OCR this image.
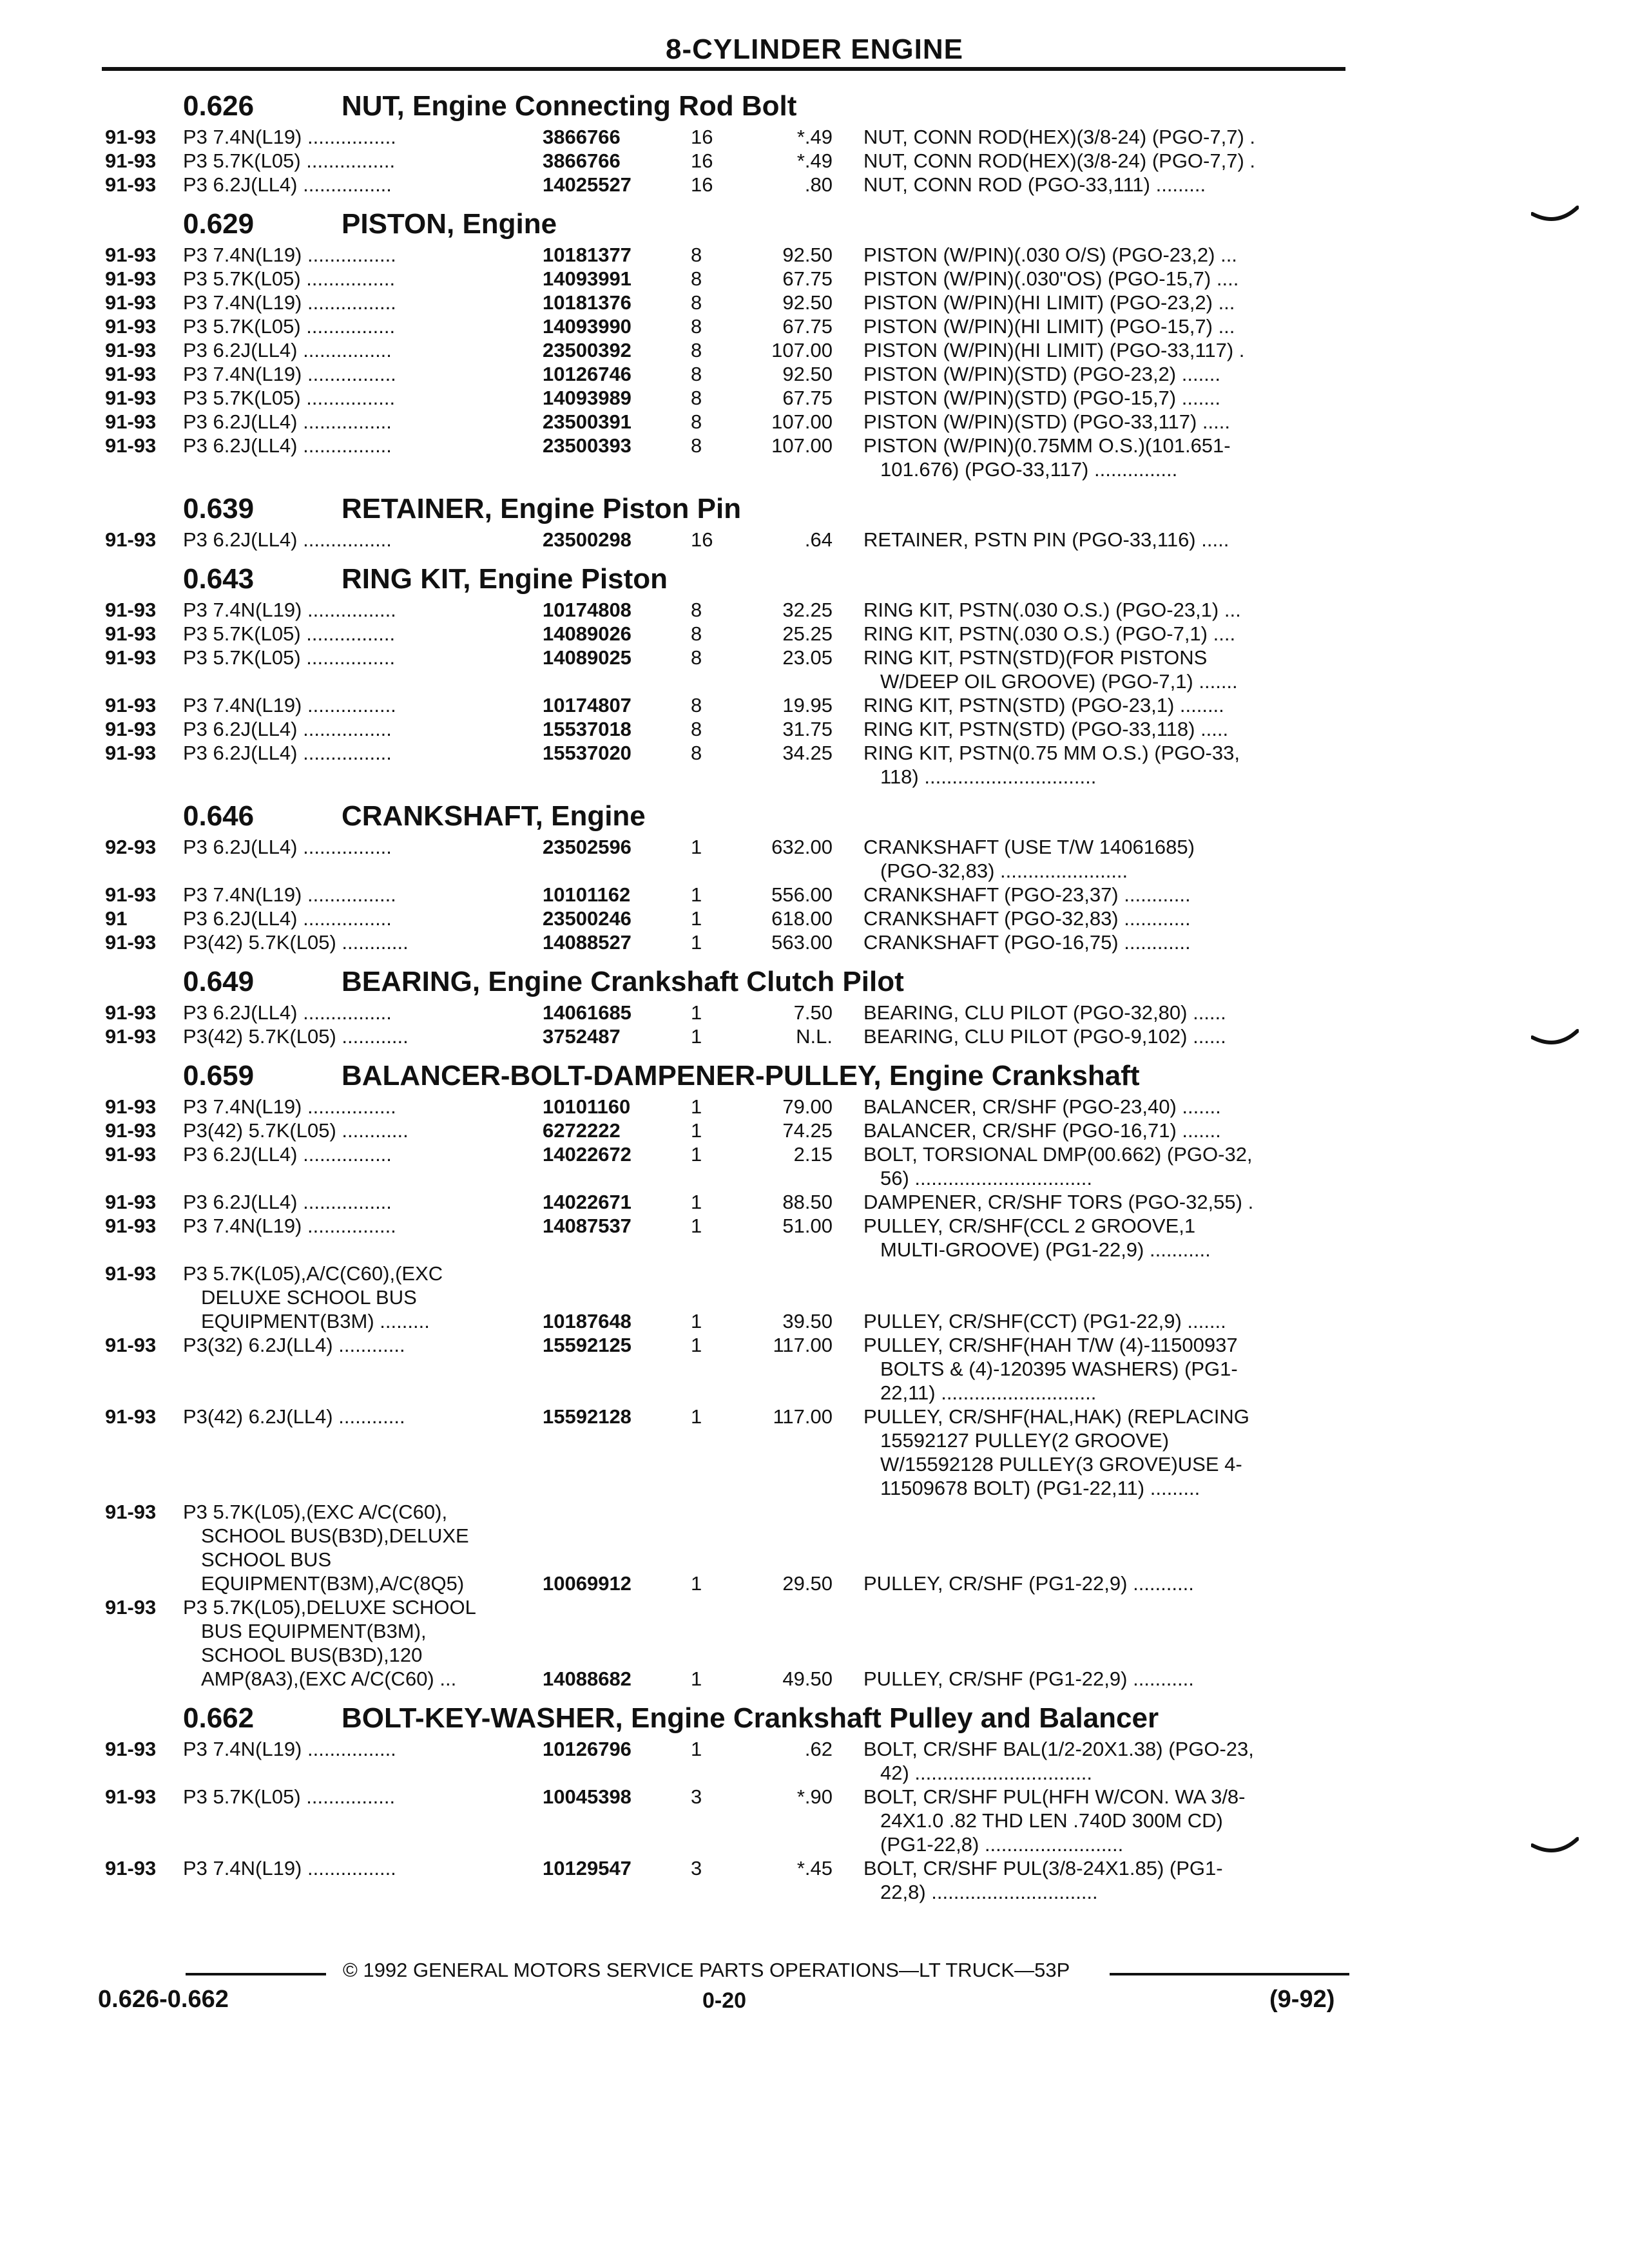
8-CYLINDER ENGINE
0.626	NUT, Engine Connecting Rod Bolt
91-93 P3 7.4N(L19) ................	3866766	16	*.49 NUT, CONN ROD(HEX)(3/8-24) (PGO-7,7) .
91-93 P3 5.7K(L05) ................	3866766	16	*.49 NUT, CONN ROD(HEX)(3/8-24) (PGO-7,7) .
91-93 P3 6.2J(LL4) ................	14025527	16	.80 NUT, CONN ROD (PGO-33,111) .........
0.629	PISTON, Engine
91-93 P3 7.4N(L19) ................	10181377	8	92.50 PISTON (W/PIN)(.030 O/S) (PGO-23,2) ...
91-93 P3 5.7K(L05) ................	14093991	8	67.75 PISTON (W/PIN)(.030"OS) (PGO-15,7) ....
91-93 P3 7.4N(L19) ................	10181376	8	92.50 PISTON (W/PIN)(HI LIMIT) (PGO-23,2) ...
91-93 P3 5.7K(L05) ................	14093990	8	67.75 PISTON (W/PIN)(HI LIMIT) (PGO-15,7) ...
91-93 P3 6.2J(LL4) ................	23500392	8	107.00 PISTON (W/PIN)(HI LIMIT) (PGO-33,117) .
91-93 P3 7.4N(L19) ................	10126746	8	92.50 PISTON (W/PIN)(STD) (PGO-23,2) .......
91-93 P3 5.7K(L05) ................	14093989	8	67.75 PISTON (W/PIN)(STD) (PGO-15,7) .......
91-93 P3 6.2J(LL4) ................	23500391	8	107.00 PISTON (W/PIN)(STD) (PGO-33,117) .....
91-93 P3 6.2J(LL4) ................	23500393	8	107.00 PISTON (W/PIN)(0.75MM O.S.)(101.651-
101.676) (PGO-33,117) ...............
0.639	RETAINER, Engine Piston Pin
91-93 P3 6.2J(LL4) ................	23500298	16	.64 RETAINER, PSTN PIN (PGO-33,116) .....
0.643	RING KIT, Engine Piston
91-93 P3 7.4N(L19) ................	10174808	8	32.25 RING KIT, PSTN(.030 O.S.) (PGO-23,1) ...
91-93 P3 5.7K(L05) ................	14089026	8	25.25 RING KIT, PSTN(.030 O.S.) (PGO-7,1) ....
91-93 P3 5.7K(L05) ................	14089025	8	23.05 RING KIT, PSTN(STD)(FOR PISTONS
W/DEEP OIL GROOVE) (PGO-7,1) .......
91-93 P3 7.4N(L19) ................	10174807	8	19.95 RING KIT, PSTN(STD) (PGO-23,1) ........
91-93 P3 6.2J(LL4) ................	15537018	8	31.75 RING KIT, PSTN(STD) (PGO-33,118) .....
91-93 P3 6.2J(LL4) ................	15537020	8	34.25 RING KIT, PSTN(0.75 MM O.S.) (PGO-33,
118) ...............................
0.646	CRANKSHAFT, Engine
92-93 P3 6.2J(LL4) ................	23502596	1	632.00 CRANKSHAFT (USE T/W 14061685)
(PGO-32,83) .......................
91-93 P3 7.4N(L19) ................	10101162	1	556.00 CRANKSHAFT (PGO-23,37) ............
91	P3 6.2J(LL4) ................	23500246	1	618.00 CRANKSHAFT (PGO-32,83) ............
91-93 P3(42) 5.7K(L05) ............	14088527	1	563.00 CRANKSHAFT (PGO-16,75) ............
0.649	BEARING, Engine Crankshaft Clutch Pilot
91-93 P3 6.2J(LL4) ................	14061685	1	7.50 BEARING, CLU PILOT (PGO-32,80) ......
91-93 P3(42) 5.7K(L05) ............	3752487	1	N.L. BEARING, CLU PILOT (PGO-9,102) ......
0.659	BALANCER-BOLT-DAMPENER-PULLEY, Engine Crankshaft
91-93 P3 7.4N(L19) ................	10101160	1	79.00 BALANCER, CR/SHF (PGO-23,40) .......
91-93 P3(42) 5.7K(L05) ............	6272222	1	74.25 BALANCER, CR/SHF (PGO-16,71) .......
91-93 P3 6.2J(LL4) ................	14022672	1	2.15 BOLT, TORSIONAL DMP(00.662) (PGO-32,
56) ................................
91-93 P3 6.2J(LL4) ................	14022671	1	88.50 DAMPENER, CR/SHF TORS (PGO-32,55) .
91-93 P3 7.4N(L19) ................	14087537	1	51.00 PULLEY, CR/SHF(CCL 2 GROOVE,1
MULTI-GROOVE) (PG1-22,9) ...........
91-93 P3 5.7K(L05),A/C(C60),(EXC
DELUXE SCHOOL BUS
EQUIPMENT(B3M) .........	10187648	1	39.50 PULLEY, CR/SHF(CCT) (PG1-22,9) .......
91-93 P3(32) 6.2J(LL4) ............	15592125	1	117.00 PULLEY, CR/SHF(HAH T/W (4)-11500937
BOLTS & (4)-120395 WASHERS) (PG1-
22,11) ............................
91-93 P3(42) 6.2J(LL4) ............	15592128	1	117.00 PULLEY, CR/SHF(HAL,HAK) (REPLACING
15592127 PULLEY(2 GROOVE)
W/15592128 PULLEY(3 GROVE)USE 4-
11509678 BOLT) (PG1-22,11) .........
91-93 P3 5.7K(L05),(EXC A/C(C60),
SCHOOL BUS(B3D),DELUXE
SCHOOL BUS
EQUIPMENT(B3M),A/C(8Q5)	10069912	1	29.50 PULLEY, CR/SHF (PG1-22,9) ...........
91-93 P3 5.7K(L05),DELUXE SCHOOL
BUS EQUIPMENT(B3M),
SCHOOL BUS(B3D),120
AMP(8A3),(EXC A/C(C60) ...	14088682	1	49.50 PULLEY, CR/SHF (PG1-22,9) ...........
0.662	BOLT-KEY-WASHER, Engine Crankshaft Pulley and Balancer
91-93 P3 7.4N(L19) ................	10126796	1	.62 BOLT, CR/SHF BAL(1/2-20X1.38) (PGO-23,
42) ................................
91-93 P3 5.7K(L05) ................	10045398	3	*.90 BOLT, CR/SHF PUL(HFH W/CON. WA 3/8-
24X1.0 .82 THD LEN .740D 300M CD)
(PG1-22,8) .........................
91-93 P3 7.4N(L19) ................	10129547	3	*.45 BOLT, CR/SHF PUL(3/8-24X1.85) (PG1-
22,8) ..............................
© 1992 GENERAL MOTORS SERVICE PARTS OPERATIONS—LT TRUCK—53P
0.626-0.662	0-20	(9-92)
